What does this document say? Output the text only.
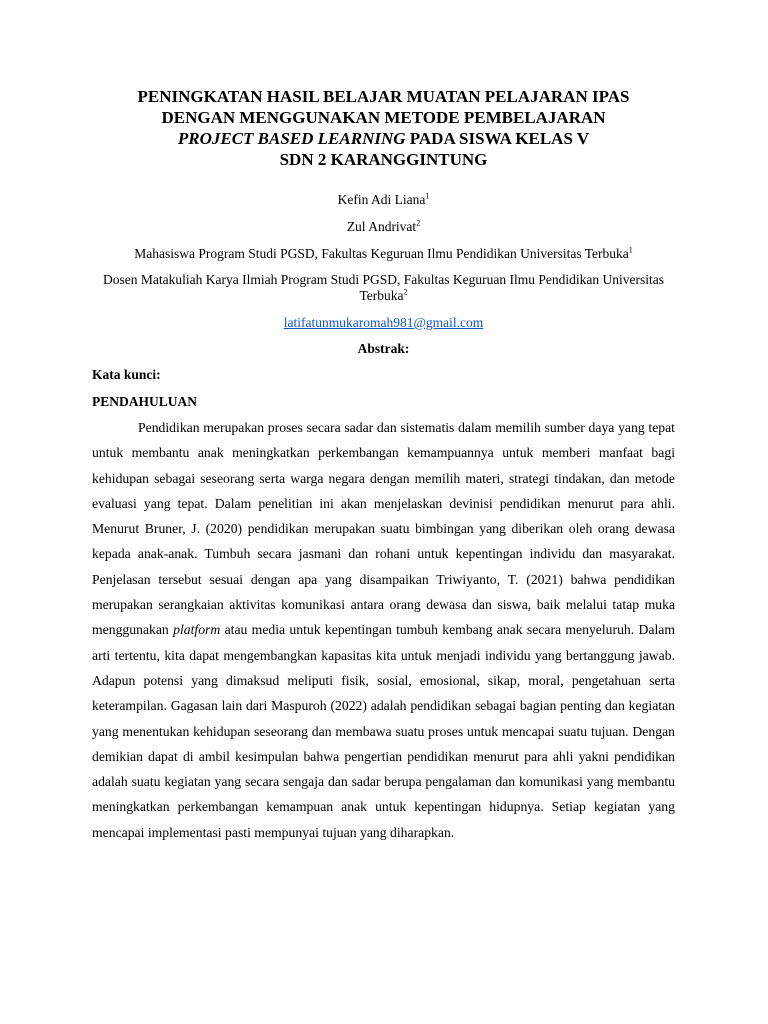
PENINGKATAN HASIL BELAJAR MUATAN PELAJARAN IPAS
DENGAN MENGGUNAKAN METODE PEMBELAJARAN
PROJECT BASED LEARNING PADA SISWA KELAS V
SDN 2 KARANGGINTUNG

Kefin Adi Liana$^1$

Zul Andrivat$^2$

Mahasiswa Program Studi PGSD, Fakultas Keguruan Ilmu Pendidikan Universitas Terbuka$^1$

Dosen Matakuliah Karya Ilmiah Program Studi PGSD, Fakultas Keguruan Ilmu Pendidikan Universitas Terbuka$^2$

latifatunmukaromah981@gmail.com

Abstrak:

Kata kunci:

PENDAHULUAN

Pendidikan merupakan proses secara sadar dan sistematis dalam memilih sumber daya yang tepat untuk membantu anak meningkatkan perkembangan kemampuannya untuk memberi manfaat bagi kehidupan sebagai seseorang serta warga negara dengan memilih materi, strategi tindakan, dan metode evaluasi yang tepat. Dalam penelitian ini akan menjelaskan devinisi pendidikan menurut para ahli. Menurut Bruner, J. (2020) pendidikan merupakan suatu bimbingan yang diberikan oleh orang dewasa kepada anak-anak. Tumbuh secara jasmani dan rohani untuk kepentingan individu dan masyarakat. Penjelasan tersebut sesuai dengan apa yang disampaikan Triwiyanto, T. (2021) bahwa pendidikan merupakan serangkaian aktivitas komunikasi antara orang dewasa dan siswa, baik melalui tatap muka menggunakan platform atau media untuk kepentingan tumbuh kembang anak secara menyeluruh. Dalam arti tertentu, kita dapat mengembangkan kapasitas kita untuk menjadi individu yang bertanggung jawab. Adapun potensi yang dimaksud meliputi fisik, sosial, emosional, sikap, moral, pengetahuan serta keterampilan. Gagasan lain dari Maspuroh (2022) adalah pendidikan sebagai bagian penting dan kegiatan yang menentukan kehidupan seseorang dan membawa suatu proses untuk mencapai suatu tujuan. Dengan demikian dapat di ambil kesimpulan bahwa pengertian pendidikan menurut para ahli yakni pendidikan adalah suatu kegiatan yang secara sengaja dan sadar berupa pengalaman dan komunikasi yang membantu meningkatkan perkembangan kemampuan anak untuk kepentingan hidupnya. Setiap kegiatan yang mencapai implementasi pasti mempunyai tujuan yang diharapkan.
